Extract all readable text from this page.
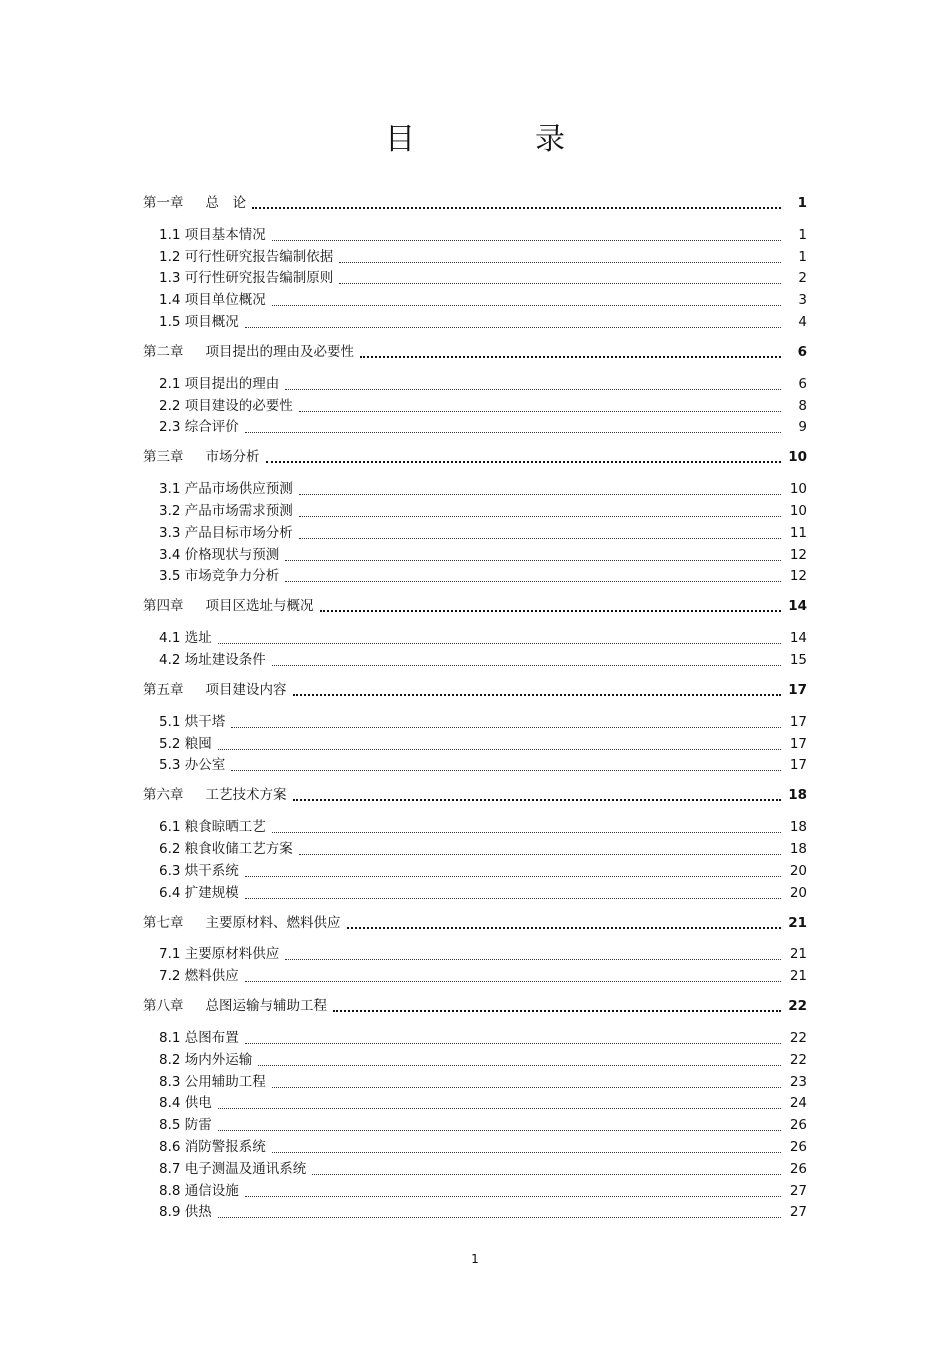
目	录
第一章 总　论	1
1.1 项目基本情况	1
1.2 可行性研究报告编制依据	1
1.3 可行性研究报告编制原则	2
1.4 项目单位概况	3
1.5 项目概况	4
第二章 项目提出的理由及必要性	6
2.1 项目提出的理由	6
2.2 项目建设的必要性	8
2.3 综合评价	9
第三章 市场分析	10
3.1 产品市场供应预测	10
3.2 产品市场需求预测	10
3.3 产品目标市场分析	11
3.4 价格现状与预测	12
3.5 市场竞争力分析	12
第四章 项目区选址与概况	14
4.1 选址	14
4.2 场址建设条件	15
第五章 项目建设内容	17
5.1 烘干塔	17
5.2 粮囤	17
5.3 办公室	17
第六章 工艺技术方案	18
6.1 粮食晾晒工艺	18
6.2 粮食收储工艺方案	18
6.3 烘干系统	20
6.4 扩建规模	20
第七章 主要原材料、燃料供应	21
7.1 主要原材料供应	21
7.2 燃料供应	21
第八章 总图运输与辅助工程	22
8.1 总图布置	22
8.2 场内外运输	22
8.3 公用辅助工程	23
8.4 供电	24
8.5 防雷	26
8.6 消防警报系统	26
8.7 电子测温及通讯系统	26
8.8 通信设施	27
8.9 供热	27
1
